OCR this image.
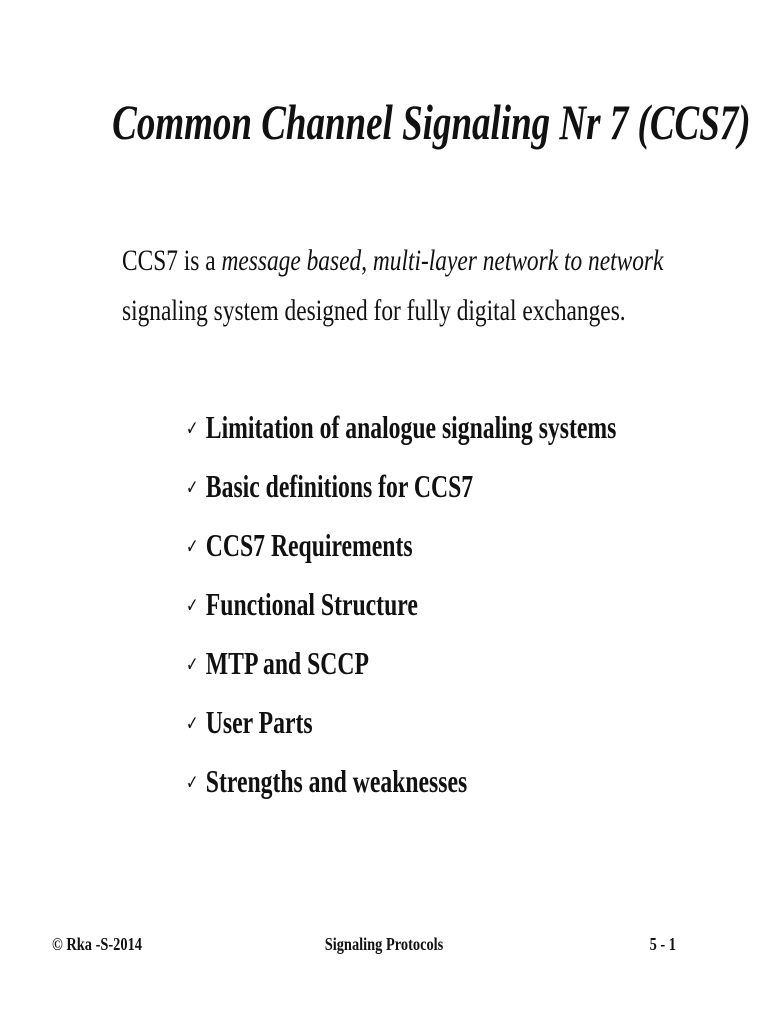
Common Channel Signaling Nr 7 (CCS7)
CCS7 is a message based, multi-layer network to network
signaling system designed for fully digital exchanges.
✓ Limitation of analogue signaling systems
✓ Basic definitions for CCS7
✓ CCS7 Requirements
✓ Functional Structure
✓ MTP and SCCP
✓ User Parts
✓ Strengths and weaknesses
© Rka -S-2014	Signaling Protocols	5 - 1
